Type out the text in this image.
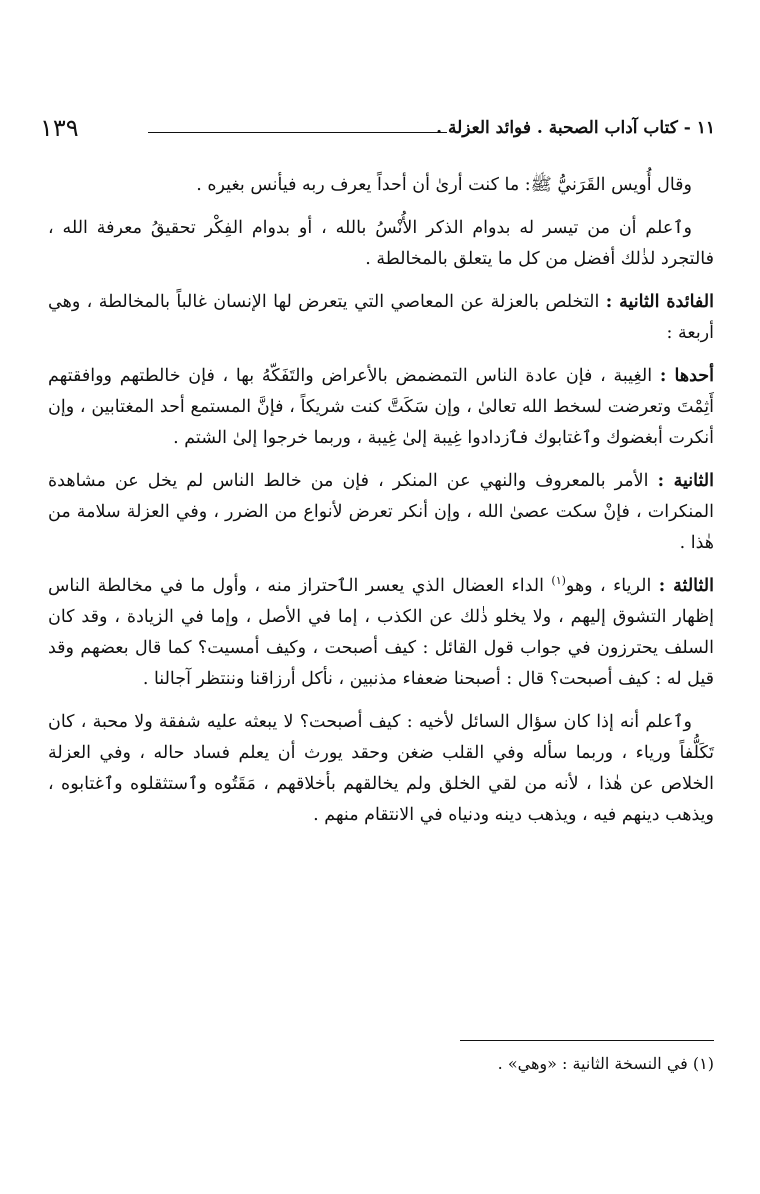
١١ - كتاب آداب الصحبة . فوائد العزلة .
١٣٩

وقال أُويس القَرَنيُّ ﷺ: ما كنت أرىٰ أن أحداً يعرف ربه فيأنس بغيره .

وٱعلم أن من تيسر له بدوام الذكر الأُنْسُ بالله ، أو بدوام الفِكْر تحقيقُ معرفة الله ، فالتجرد لذٰلك أفضل من كل ما يتعلق بالمخالطة .

الفائدة الثانية : التخلص بالعزلة عن المعاصي التي يتعرض لها الإنسان غالباً بالمخالطة ، وهي أربعة :

أحدها : الغِيبة ، فإن عادة الناس التمضمض بالأعراض والتَفَكّهُ بها ، فإن خالطتهم ووافقتهم أَثِمْتَ وتعرضت لسخط الله تعالىٰ ، وإن سَكَتَّ كنت شريكاً ، فإنَّ المستمع أحد المغتابين ، وإن أنكرت أبغضوك وٱغتابوك فٱزدادوا غِيبة إلىٰ غِيبة ، وربما خرجوا إلىٰ الشتم .

الثانية : الأمر بالمعروف والنهي عن المنكر ، فإن من خالط الناس لم يخل عن مشاهدة المنكرات ، فإنْ سكت عصىٰ الله ، وإن أنكر تعرض لأنواع من الضرر ، وفي العزلة سلامة من هٰذا .

الثالثة : الرياء ، وهو$^{(١)}$ الداء العضال الذي يعسر الٱحتراز منه ، وأول ما في مخالطة الناس إظهار التشوق إليهم ، ولا يخلو ذٰلك عن الكذب ، إما في الأصل ، وإما في الزيادة ، وقد كان السلف يحترزون في جواب قول القائل : كيف أصبحت ، وكيف أمسيت؟ كما قال بعضهم وقد قيل له : كيف أصبحت؟ قال : أصبحنا ضعفاء مذنبين ، نأكل أرزاقنا وننتظر آجالنا .

وٱعلم أنه إذا كان سؤال السائل لأخيه : كيف أصبحت؟ لا يبعثه عليه شفقة ولا محبة ، كان تَكَلُّفاً ورياء ، وربما سأله وفي القلب ضغن وحقد يورث أن يعلم فساد حاله ، وفي العزلة الخلاص عن هٰذا ، لأنه من لقي الخلق ولم يخالقهم بأخلاقهم ، مَقَتُوه وٱستثقلوه وٱغتابوه ، ويذهب دينهم فيه ، ويذهب دينه ودنياه في الانتقام منهم .

(١) في النسخة الثانية : «وهي» .
